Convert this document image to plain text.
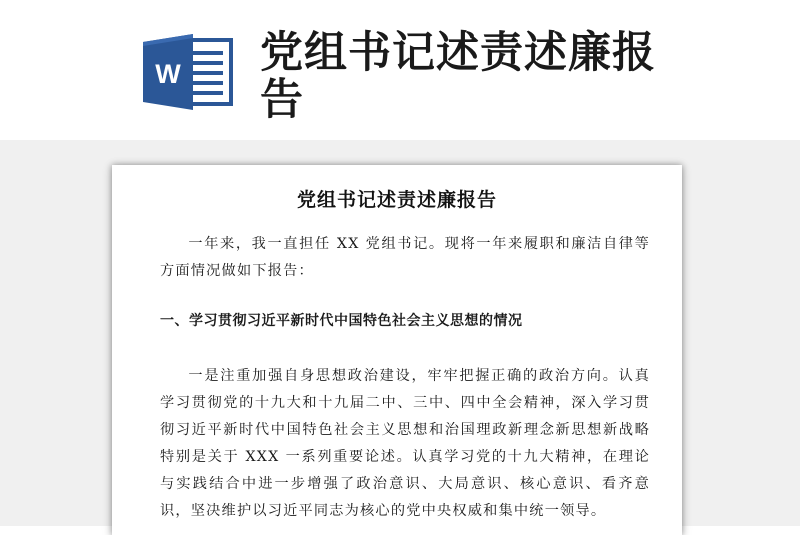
W 党组书记述责述廉报告
党组书记述责述廉报告

一年来，我一直担任 XX 党组书记。现将一年来履职和廉洁自律等方面情况做如下报告：

一、学习贯彻习近平新时代中国特色社会主义思想的情况

一是注重加强自身思想政治建设，牢牢把握正确的政治方向。认真学习贯彻党的十九大和十九届二中、三中、四中全会精神，深入学习贯彻习近平新时代中国特色社会主义思想和治国理政新理念新思想新战略特别是关于 XXX 一系列重要论述。认真学习党的十九大精神，在理论与实践结合中进一步增强了政治意识、大局意识、核心意识、看齐意识，坚决维护以习近平同志为核心的党中央权威和集中统一领导。
